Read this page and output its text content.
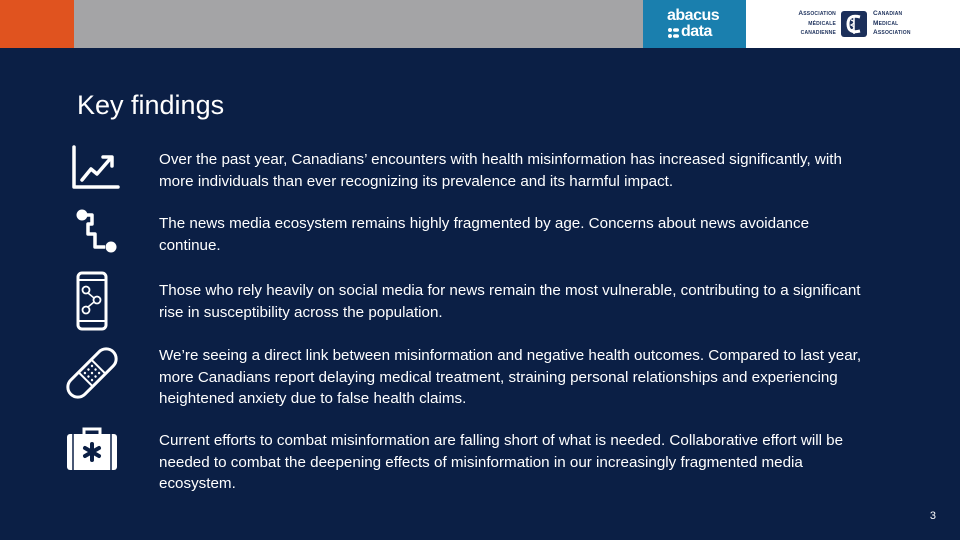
abacus
data
Association
médicale
canadienne
Canadian
Medical
Association
Key findings

Over the past year, Canadians’ encounters with health misinformation has increased significantly, with more individuals than ever recognizing its prevalence and its harmful impact.

The news media ecosystem remains highly fragmented by age. Concerns about news avoidance continue.

Those who rely heavily on social media for news remain the most vulnerable, contributing to a significant rise in susceptibility across the population.

We’re seeing a direct link between misinformation and negative health outcomes. Compared to last year, more Canadians report delaying medical treatment, straining personal relationships and experiencing heightened anxiety due to false health claims.

Current efforts to combat misinformation are falling short of what is needed. Collaborative effort will be needed to combat the deepening effects of misinformation in our increasingly fragmented media ecosystem.

3
